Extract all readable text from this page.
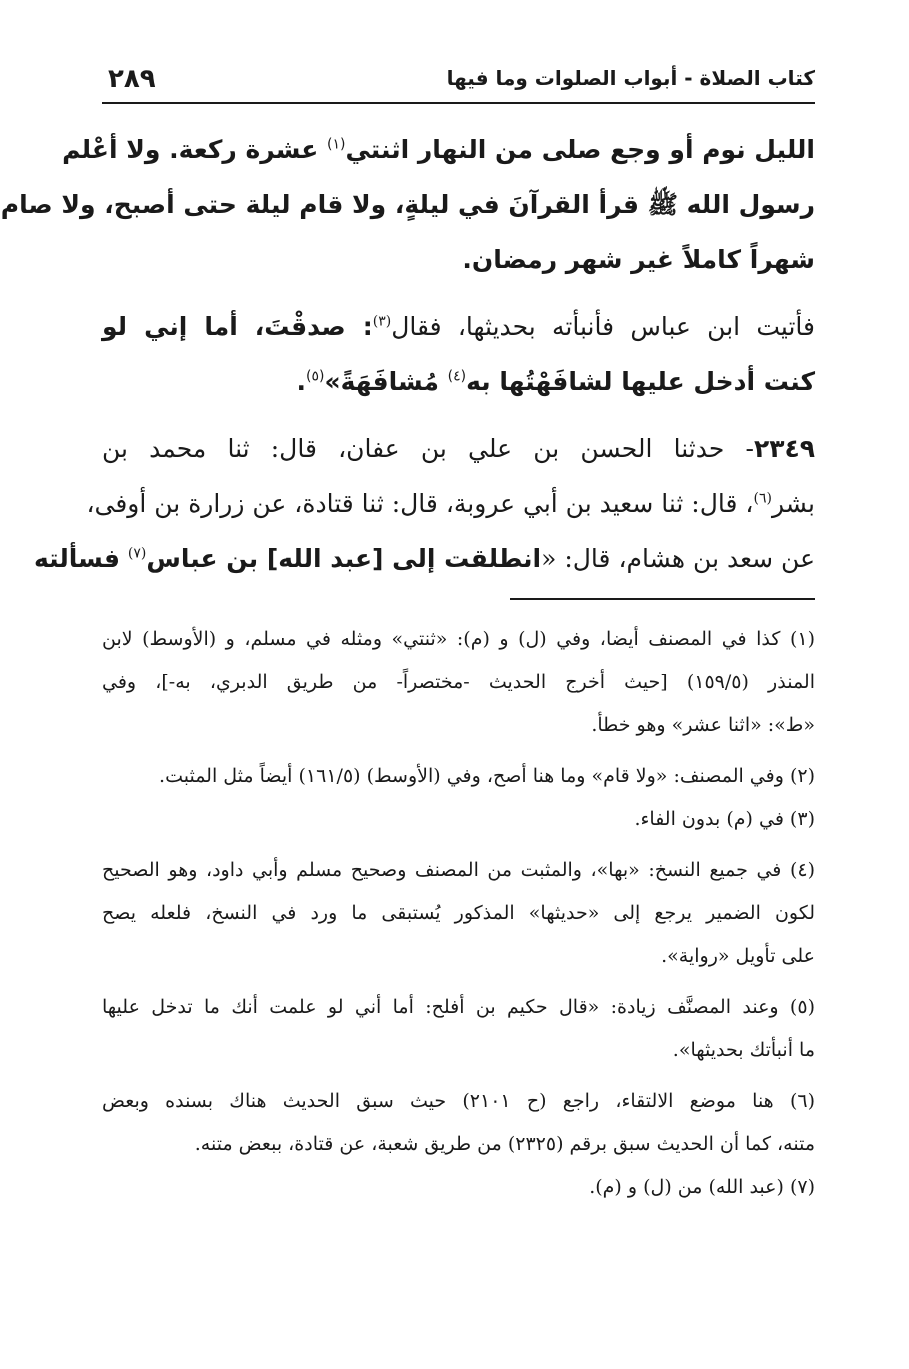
٢٨٩	كتاب الصلاة - أبواب الصلوات وما فيها
الليل نوم أو وجع صلى من النهار اثنتي$^{(١)}$ عشرة ركعة. ولا أعْلم
رسول الله ﷺ قرأ القرآنَ في ليلةٍ، ولا قام ليلة حتى أصبح، ولا صام
شهراً كاملاً غير شهر رمضان.
فأتيت ابن عباس فأنبأته بحديثها، فقال$^{(٣)}$: صدقْتَ، أما إني لو
كنت أدخل عليها لشافَهْتُها به$^{(٤)}$ مُشافَهَةً»$^{(٥)}$.
٢٣٤٩- حدثنا الحسن بن علي بن عفان، قال: ثنا محمد بن
بشر$^{(٦)}$، قال: ثنا سعيد بن أبي عروبة، قال: ثنا قتادة، عن زرارة بن أوفى،
عن سعد بن هشام، قال: «انطلقت إلى [عبد الله] بن عباس$^{(٧)}$ فسألته
(١) كذا في المصنف أيضا، وفي (ل) و (م): «ثنتي» ومثله في مسلم، و (الأوسط) لابن
المنذر (١٥٩/٥) [حيث أخرج الحديث -مختصراً- من طريق الدبري، به-]، وفي
«ط»: «اثنا عشر» وهو خطأ.
(٢) وفي المصنف: «ولا قام» وما هنا أصح، وفي (الأوسط) (١٦١/٥) أيضاً مثل المثبت.
(٣) في (م) بدون الفاء.
(٤) في جميع النسخ: «بها»، والمثبت من المصنف وصحيح مسلم وأبي داود، وهو الصحيح
لكون الضمير يرجع إلى «حديثها» المذكور يُستبقى ما ورد في النسخ، فلعله يصح
على تأويل «رواية».
(٥) وعند المصنَّف زيادة: «قال حكيم بن أفلح: أما أني لو علمت أنك ما تدخل عليها
ما أنبأتك بحديثها».
(٦) هنا موضع الالتقاء، راجع (ح ٢١٠١) حيث سبق الحديث هناك بسنده وبعض
متنه، كما أن الحديث سبق برقم (٢٣٢٥) من طريق شعبة، عن قتادة، ببعض متنه.
(٧) (عبد الله) من (ل) و (م).
